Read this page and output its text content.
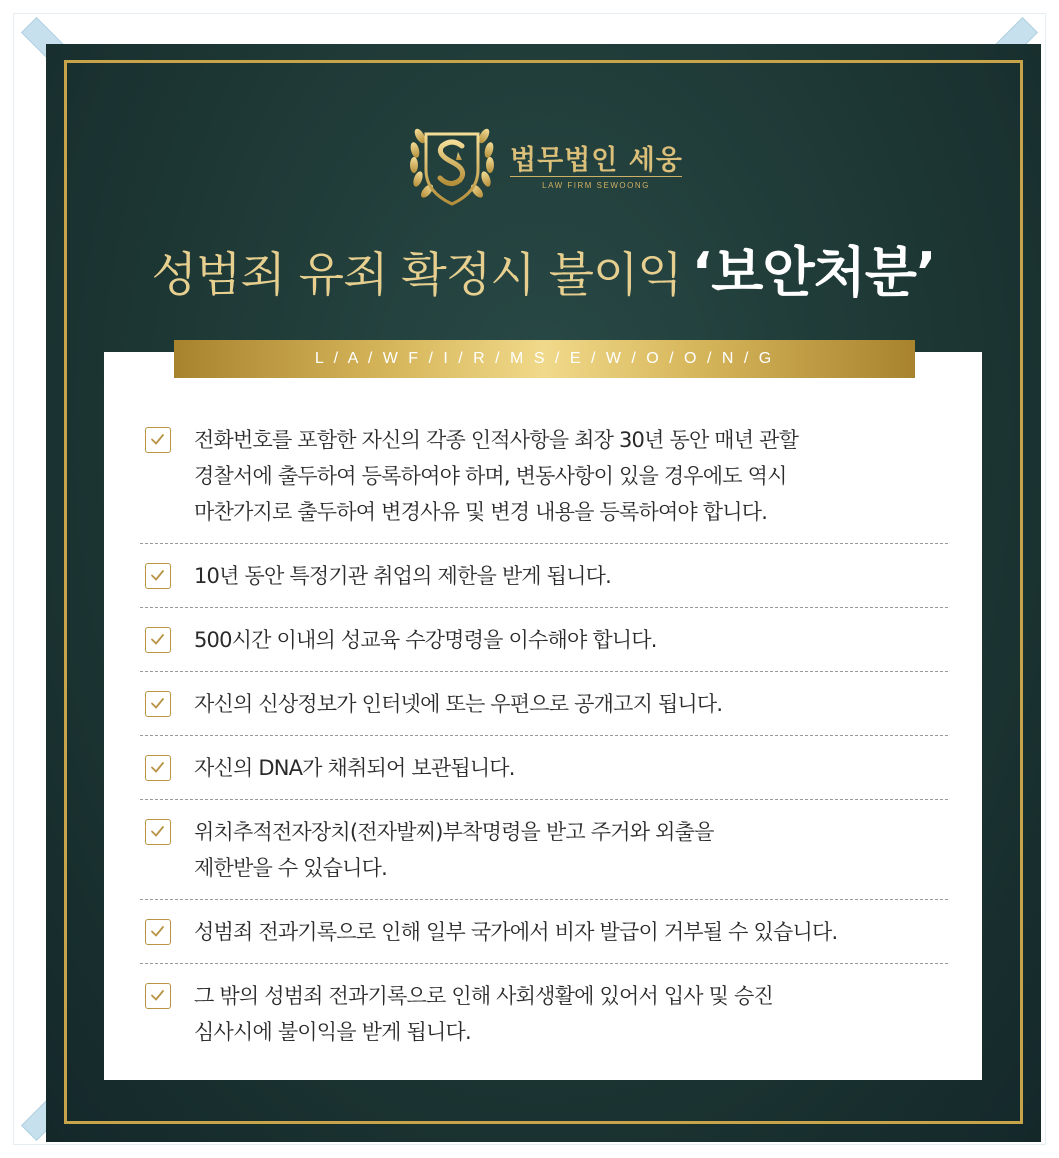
법무법인 세웅
LAW FIRM SEWOONG
성범죄 유죄 확정시 불이익 ‘보안처분’
L / A / W F / I / R / M S / E / W / O / O / N / G
전화번호를 포함한 자신의 각종 인적사항을 최장 30년 동안 매년 관할
경찰서에 출두하여 등록하여야 하며, 변동사항이 있을 경우에도 역시
마찬가지로 출두하여 변경사유 및 변경 내용을 등록하여야 합니다.
10년 동안 특정기관 취업의 제한을 받게 됩니다.
500시간 이내의 성교육 수강명령을 이수해야 합니다.
자신의 신상정보가 인터넷에 또는 우편으로 공개고지 됩니다.
자신의 DNA가 채취되어 보관됩니다.
위치추적전자장치(전자발찌)부착명령을 받고 주거와 외출을
제한받을 수 있습니다.
성범죄 전과기록으로 인해 일부 국가에서 비자 발급이 거부될 수 있습니다.
그 밖의 성범죄 전과기록으로 인해 사회생활에 있어서 입사 및 승진
심사시에 불이익을 받게 됩니다.
